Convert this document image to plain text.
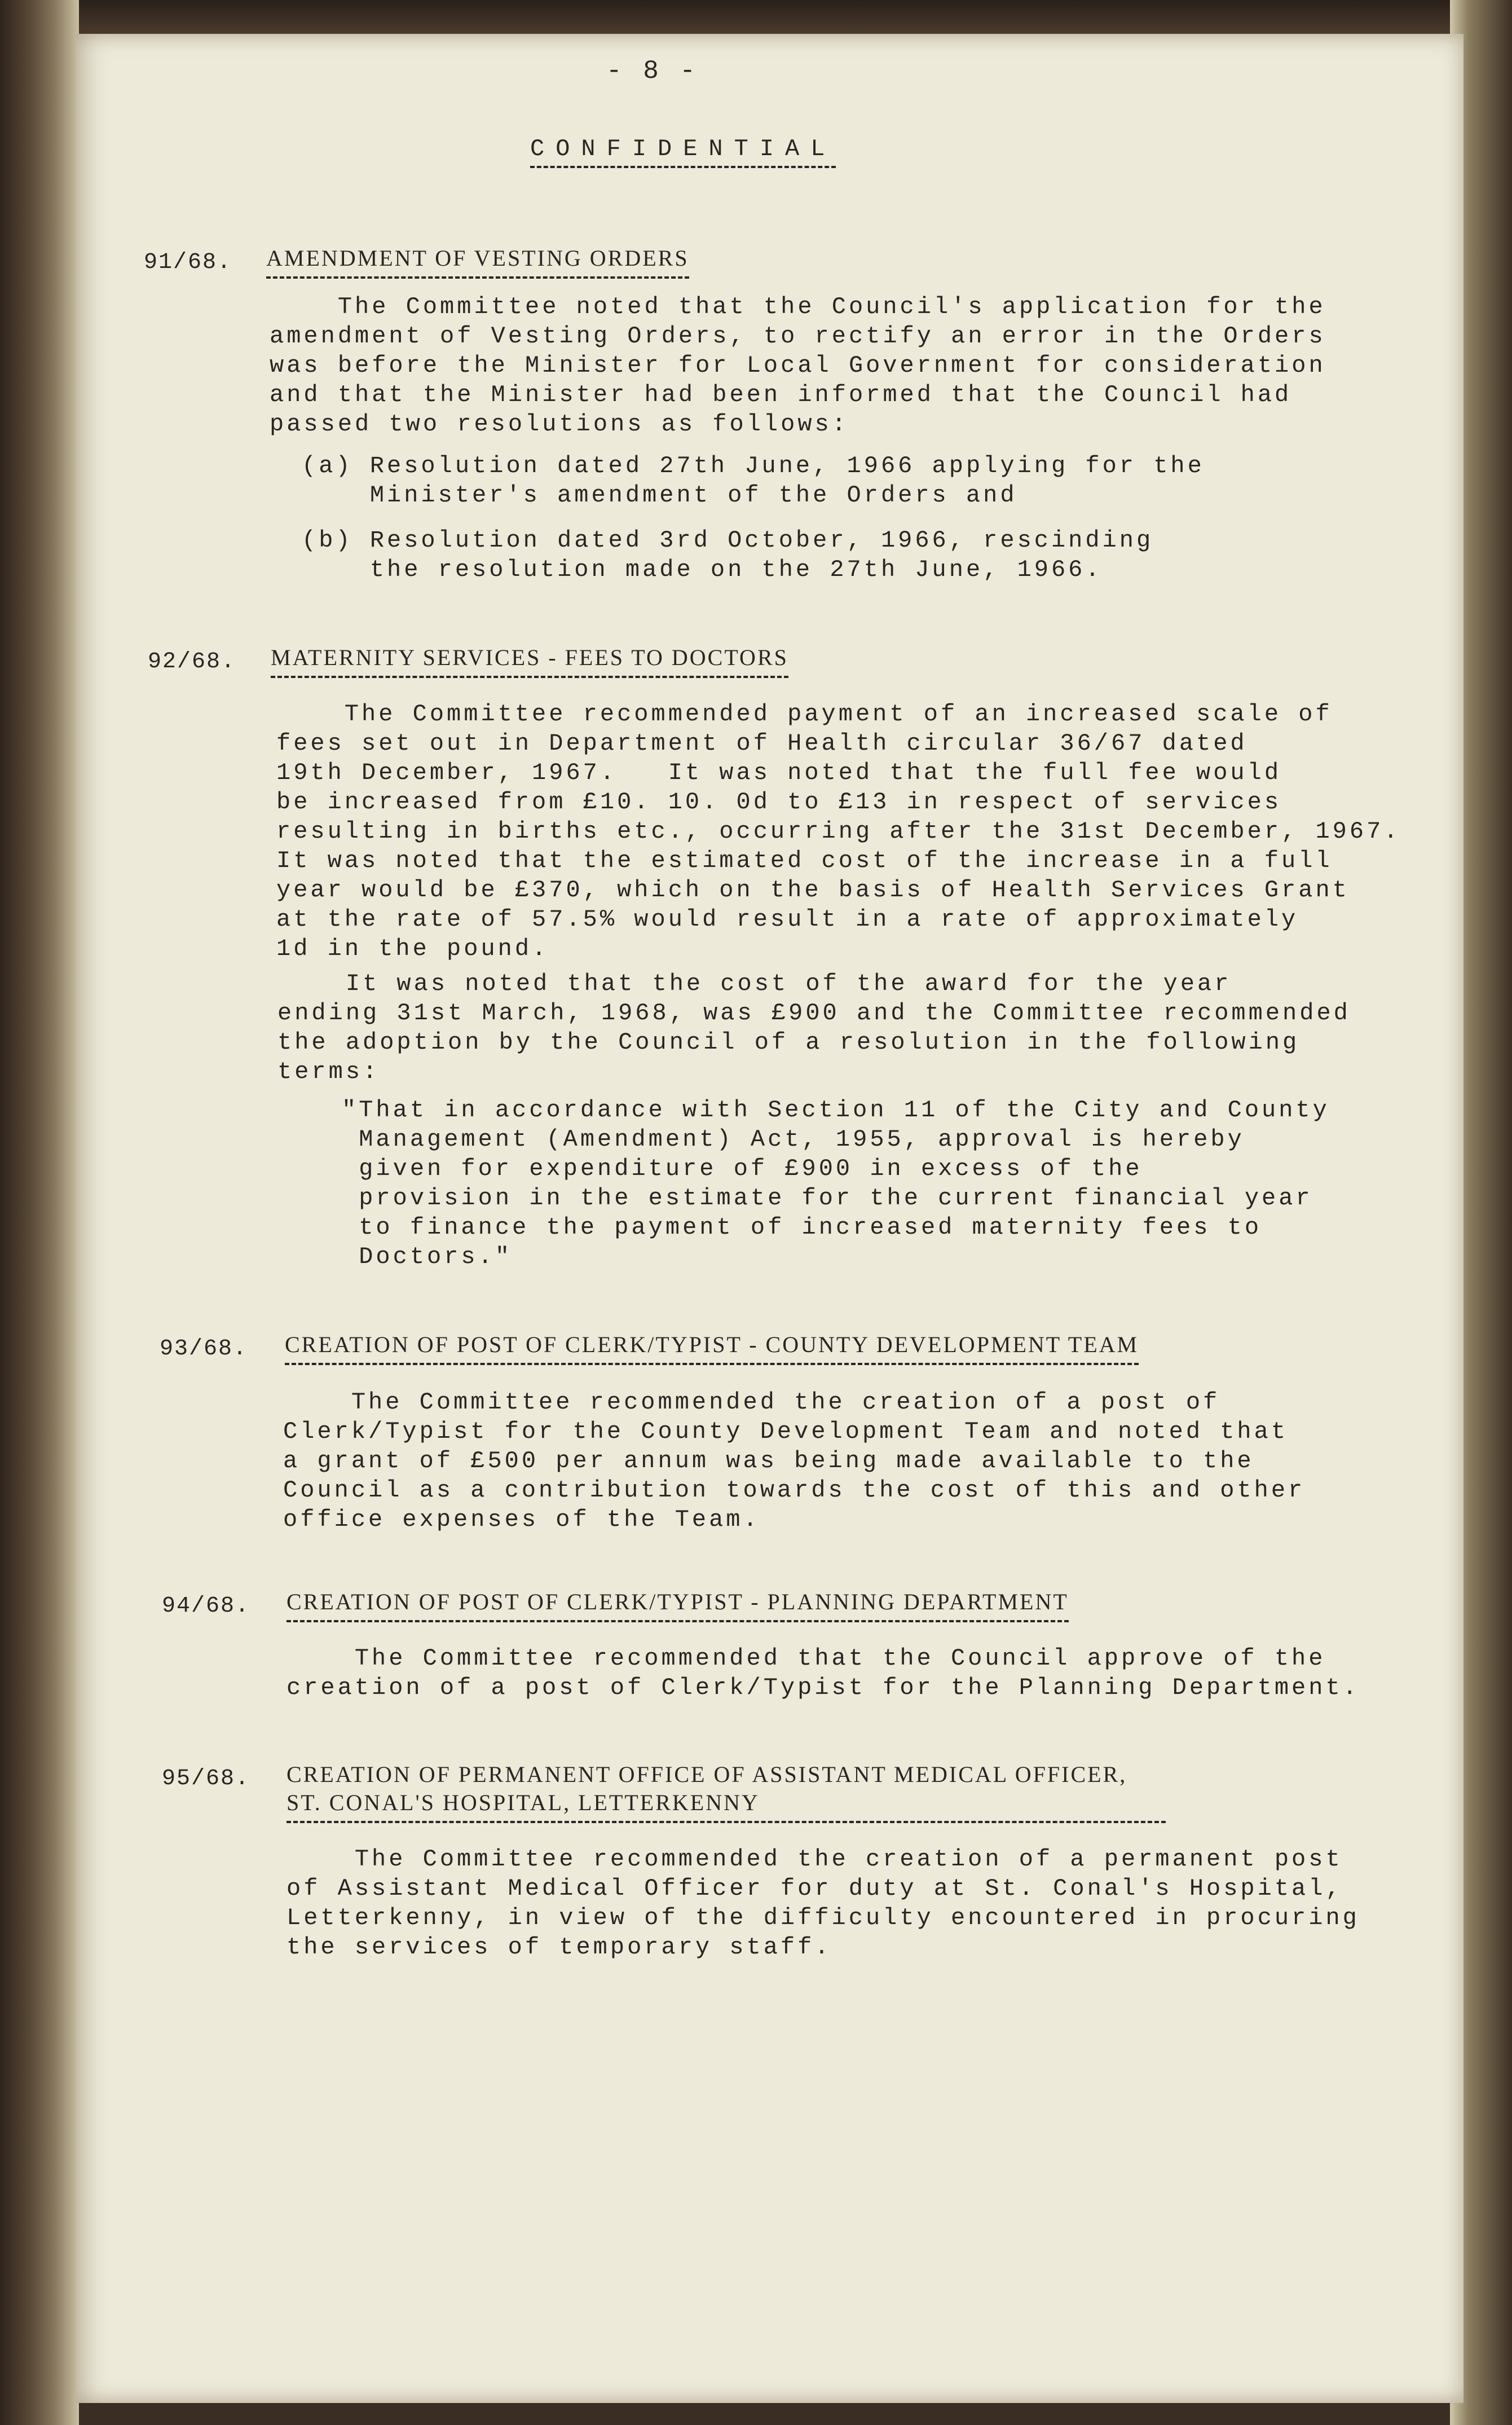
- 8 -
CONFIDENTIAL
91/68. AMENDMENT OF VESTING ORDERS
The Committee noted that the Council's application for the
amendment of Vesting Orders, to rectify an error in the Orders
was before the Minister for Local Government for consideration
and that the Minister had been informed that the Council had
passed two resolutions as follows:
(a) Resolution dated 27th June, 1966 applying for the
Minister's amendment of the Orders and
(b) Resolution dated 3rd October, 1966, rescinding
the resolution made on the 27th June, 1966.
92/68. MATERNITY SERVICES - FEES TO DOCTORS
The Committee recommended payment of an increased scale of
fees set out in Department of Health circular 36/67 dated
19th December, 1967.   It was noted that the full fee would
be increased from £10. 10. 0d to £13 in respect of services
resulting in births etc., occurring after the 31st December, 1967.
It was noted that the estimated cost of the increase in a full
year would be £370, which on the basis of Health Services Grant
at the rate of 57.5% would result in a rate of approximately
1d in the pound.
It was noted that the cost of the award for the year
ending 31st March, 1968, was £900 and the Committee recommended
the adoption by the Council of a resolution in the following
terms:
"That in accordance with Section 11 of the City and County
Management (Amendment) Act, 1955, approval is hereby
given for expenditure of £900 in excess of the
provision in the estimate for the current financial year
to finance the payment of increased maternity fees to
Doctors."
93/68. CREATION OF POST OF CLERK/TYPIST - COUNTY DEVELOPMENT TEAM
The Committee recommended the creation of a post of
Clerk/Typist for the County Development Team and noted that
a grant of £500 per annum was being made available to the
Council as a contribution towards the cost of this and other
office expenses of the Team.
94/68. CREATION OF POST OF CLERK/TYPIST - PLANNING DEPARTMENT
The Committee recommended that the Council approve of the
creation of a post of Clerk/Typist for the Planning Department.
95/68. CREATION OF PERMANENT OFFICE OF ASSISTANT MEDICAL OFFICER,
ST. CONAL'S HOSPITAL, LETTERKENNY
The Committee recommended the creation of a permanent post
of Assistant Medical Officer for duty at St. Conal's Hospital,
Letterkenny, in view of the difficulty encountered in procuring
the services of temporary staff.
